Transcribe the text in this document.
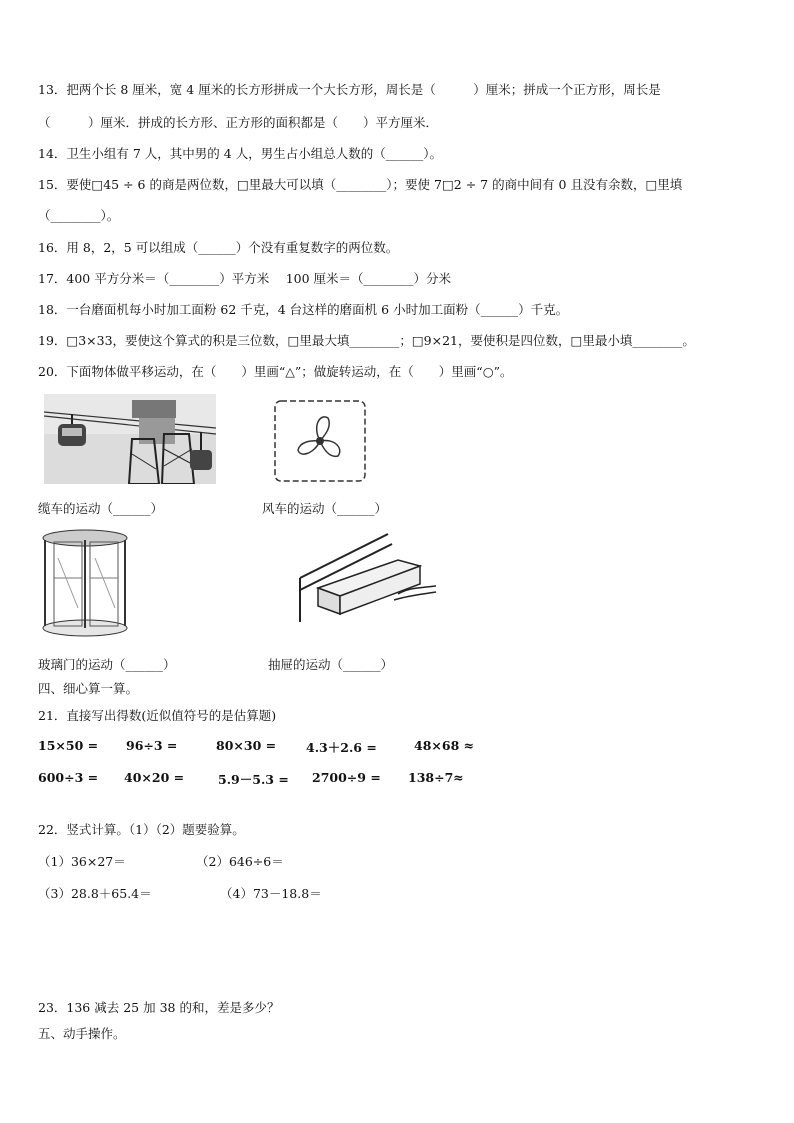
13．把两个长 8 厘米，宽 4 厘米的长方形拼成一个大长方形，周长是（　　　）厘米；拼成一个正方形，周长是
（　　　）厘米．拼成的长方形、正方形的面积都是（　　）平方厘米．
14．卫生小组有 7 人，其中男的 4 人，男生占小组总人数的（______）。
15．要使□45 ÷ 6 的商是两位数，□里最大可以填（________）；要使 7□2 ÷ 7 的商中间有 0 且没有余数，□里填
（________）。
16．用 8，2，5 可以组成（______）个没有重复数字的两位数。
17．400 平方分米＝（________）平方米　 100 厘米＝（________）分米
18．一台磨面机每小时加工面粉 62 千克，4 台这样的磨面机 6 小时加工面粉（______）千克。
19．□3×33，要使这个算式的积是三位数，□里最大填________；□9×21，要使积是四位数，□里最小填________。
20．下面物体做平移运动，在（　　）里画“△”；做旋转运动，在（　　）里画“○”。
缆车的运动（______）	风车的运动（______）
玻璃门的运动（______）	抽屉的运动（______）
四、细心算一算。
21．直接写出得数(近似值符号的是估算题)
15×50 = 96÷3 =	80×30 = 4.3＋2.6 =	48×68 ≈
600÷3 = 40×20 =	5.9－5.3 = 2700÷9 = 138÷7≈
22．竖式计算。（1）（2）题要验算。
（1）36×27＝	（2）646÷6＝
（3）28.8＋65.4＝	（4）73－18.8＝
23．136 减去 25 加 38 的和，差是多少？
五、动手操作。
